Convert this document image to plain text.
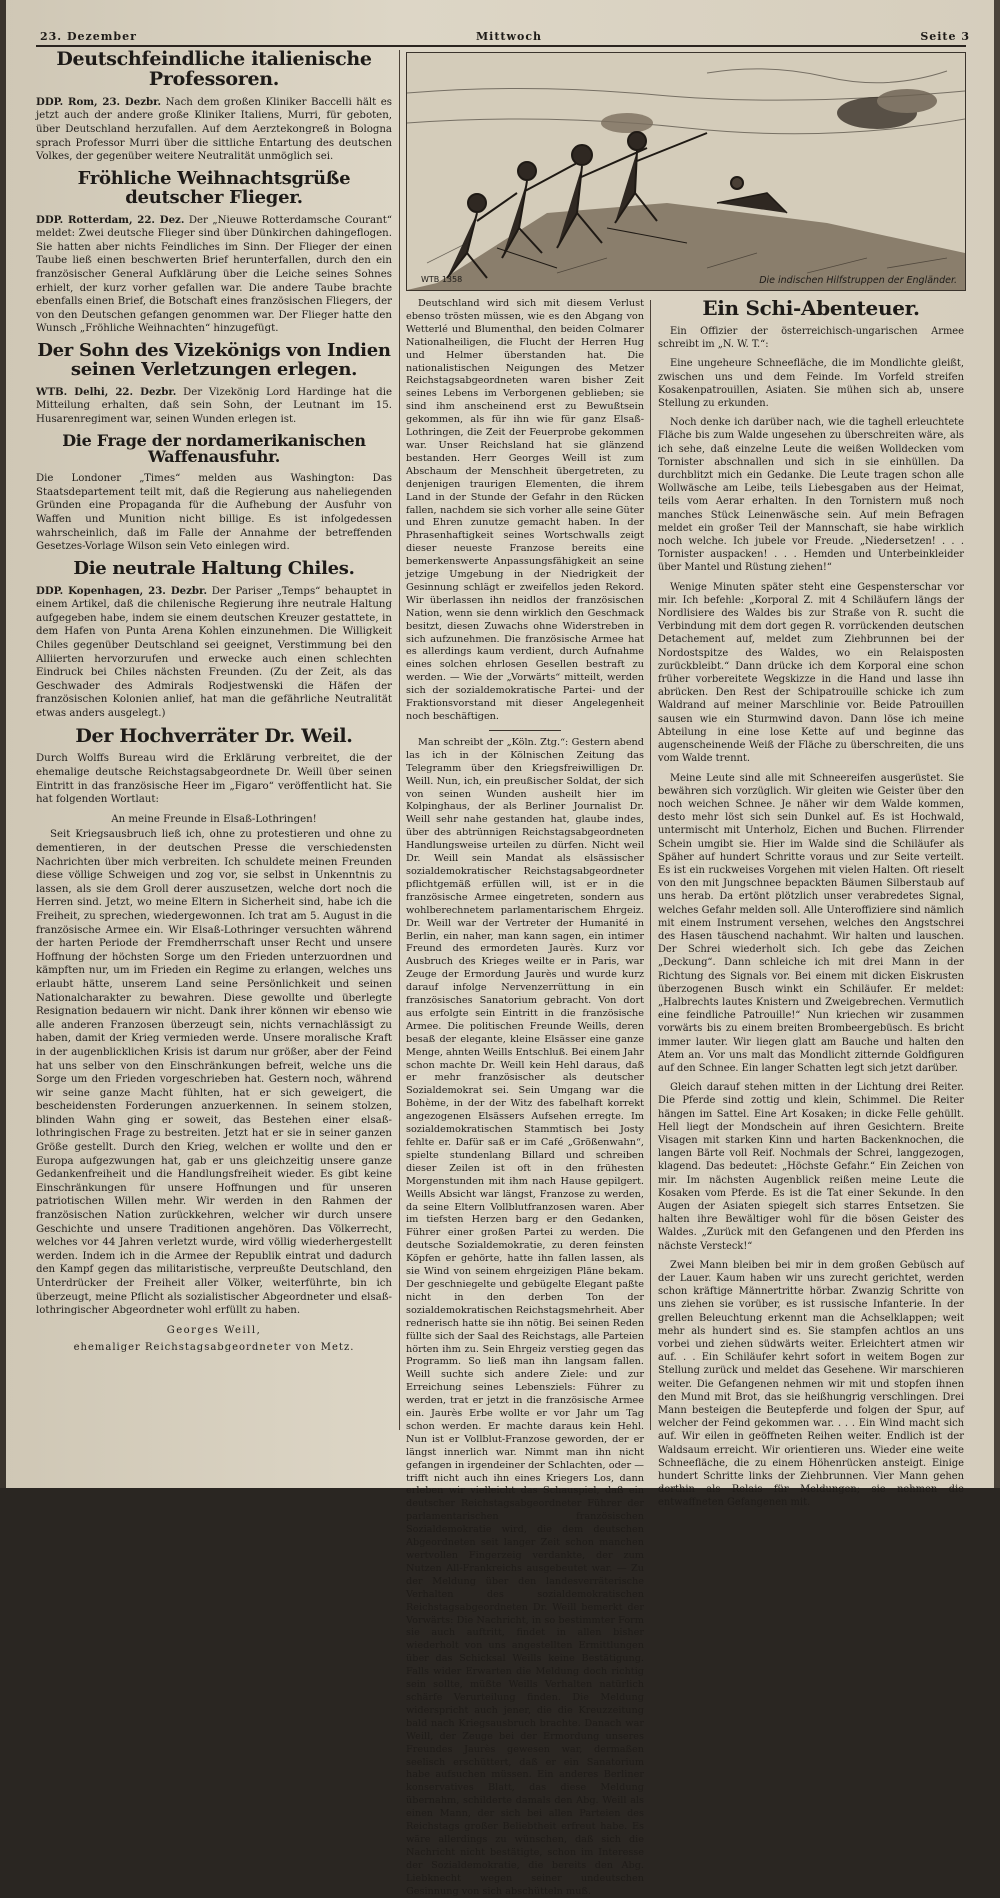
23. Dezember	Mittwoch	Seite 3
WTB 1358	Die indischen Hilfstruppen der Engländer.
Deutschfeindliche italienische Professoren.

DDP. Rom, 23. Dezbr. Nach dem großen Kliniker Baccelli hält es jetzt auch der andere große Kliniker Italiens, Murri, für geboten, über Deutschland herzufallen. Auf dem Aerztekongreß in Bologna sprach Professor Murri über die sittliche Entartung des deutschen Volkes, der gegenüber weitere Neutralität unmöglich sei.

Fröhliche Weihnachtsgrüße deutscher Flieger.

DDP. Rotterdam, 22. Dez. Der „Nieuwe Rotterdamsche Courant“ meldet: Zwei deutsche Flieger sind über Dünkirchen dahingeflogen. Sie hatten aber nichts Feindliches im Sinn. Der Flieger der einen Taube ließ einen beschwerten Brief herunterfallen, durch den ein französischer General Aufklärung über die Leiche seines Sohnes erhielt, der kurz vorher gefallen war. Die andere Taube brachte ebenfalls einen Brief, die Botschaft eines französischen Fliegers, der von den Deutschen gefangen genommen war. Der Flieger hatte den Wunsch „Fröhliche Weihnachten“ hinzugefügt.

Der Sohn des Vizekönigs von Indien seinen Verletzungen erlegen.

WTB. Delhi, 22. Dezbr. Der Vizekönig Lord Hardinge hat die Mitteilung erhalten, daß sein Sohn, der Leutnant im 15. Husarenregiment war, seinen Wunden erlegen ist.

Die Frage der nordamerikanischen Waffenausfuhr.

Die Londoner „Times“ melden aus Washington: Das Staatsdepartement teilt mit, daß die Regierung aus naheliegenden Gründen eine Propaganda für die Aufhebung der Ausfuhr von Waffen und Munition nicht billige. Es ist infolgedessen wahrscheinlich, daß im Falle der Annahme der betreffenden Gesetzes-Vorlage Wilson sein Veto einlegen wird.

Die neutrale Haltung Chiles.

DDP. Kopenhagen, 23. Dezbr. Der Pariser „Temps“ behauptet in einem Artikel, daß die chilenische Regierung ihre neutrale Haltung aufgegeben habe, indem sie einem deutschen Kreuzer gestattete, in dem Hafen von Punta Arena Kohlen einzunehmen. Die Willigkeit Chiles gegenüber Deutschland sei geeignet, Verstimmung bei den Alliierten hervorzurufen und erwecke auch einen schlechten Eindruck bei Chiles nächsten Freunden. (Zu der Zeit, als das Geschwader des Admirals Rodjestwenski die Häfen der französischen Kolonien anlief, hat man die gefährliche Neutralität etwas anders ausgelegt.)

Der Hochverräter Dr. Weil.

Durch Wolffs Bureau wird die Erklärung verbreitet, die der ehemalige deutsche Reichstagsabgeordnete Dr. Weill über seinen Eintritt in das französische Heer im „Figaro“ veröffentlicht hat. Sie hat folgenden Wortlaut:

An meine Freunde in Elsaß-Lothringen!

Seit Kriegsausbruch ließ ich, ohne zu protestieren und ohne zu dementieren, in der deutschen Presse die verschiedensten Nachrichten über mich verbreiten. Ich schuldete meinen Freunden diese völlige Schweigen und zog vor, sie selbst in Unkenntnis zu lassen, als sie dem Groll derer auszusetzen, welche dort noch die Herren sind. Jetzt, wo meine Eltern in Sicherheit sind, habe ich die Freiheit, zu sprechen, wiedergewonnen. Ich trat am 5. August in die französische Armee ein. Wir Elsaß-Lothringer versuchten während der harten Periode der Fremdherrschaft unser Recht und unsere Hoffnung der höchsten Sorge um den Frieden unterzuordnen und kämpften nur, um im Frieden ein Regime zu erlangen, welches uns erlaubt hätte, unserem Land seine Persönlichkeit und seinen Nationalcharakter zu bewahren. Diese gewollte und überlegte Resignation bedauern wir nicht. Dank ihrer können wir ebenso wie alle anderen Franzosen überzeugt sein, nichts vernachlässigt zu haben, damit der Krieg vermieden werde. Unsere moralische Kraft in der augenblicklichen Krisis ist darum nur größer, aber der Feind hat uns selber von den Einschränkungen befreit, welche uns die Sorge um den Frieden vorgeschrieben hat. Gestern noch, während wir seine ganze Macht fühlten, hat er sich geweigert, die bescheidensten Forderungen anzuerkennen. In seinem stolzen, blinden Wahn ging er soweit, das Bestehen einer elsaß-lothringischen Frage zu bestreiten. Jetzt hat er sie in seiner ganzen Größe gestellt. Durch den Krieg, welchen er wollte und den er Europa aufgezwungen hat, gab er uns gleichzeitig unsere ganze Gedankenfreiheit und die Handlungsfreiheit wieder. Es gibt keine Einschränkungen für unsere Hoffnungen und für unseren patriotischen Willen mehr. Wir werden in den Rahmen der französischen Nation zurückkehren, welcher wir durch unsere Geschichte und unsere Traditionen angehören. Das Völkerrecht, welches vor 44 Jahren verletzt wurde, wird völlig wiederhergestellt werden. Indem ich in die Armee der Republik eintrat und dadurch den Kampf gegen das militaristische, verpreußte Deutschland, den Unterdrücker der Freiheit aller Völker, weiterführte, bin ich überzeugt, meine Pflicht als sozialistischer Abgeordneter und elsaß-lothringischer Abgeordneter wohl erfüllt zu haben.

Georges Weill,

ehemaliger Reichstagsabgeordneter von Metz.

Deutschland wird sich mit diesem Verlust ebenso trösten müssen, wie es den Abgang von Wetterlé und Blumenthal, den beiden Colmarer Nationalheiligen, die Flucht der Herren Hug und Helmer überstanden hat. Die nationalistischen Neigungen des Metzer Reichstagsabgeordneten waren bisher Zeit seines Lebens im Verborgenen geblieben; sie sind ihm anscheinend erst zu Bewußtsein gekommen, als für ihn wie für ganz Elsaß-Lothringen, die Zeit der Feuerprobe gekommen war. Unser Reichsland hat sie glänzend bestanden. Herr Georges Weill ist zum Abschaum der Menschheit übergetreten, zu denjenigen traurigen Elementen, die ihrem Land in der Stunde der Gefahr in den Rücken fallen, nachdem sie sich vorher alle seine Güter und Ehren zunutze gemacht haben. In der Phrasenhaftigkeit seines Wortschwalls zeigt dieser neueste Franzose bereits eine bemerkenswerte Anpassungsfähigkeit an seine jetzige Umgebung in der Niedrigkeit der Gesinnung schlägt er zweifellos jeden Rekord. Wir überlassen ihn neidlos der französischen Nation, wenn sie denn wirklich den Geschmack besitzt, diesen Zuwachs ohne Widerstreben in sich aufzunehmen. Die französische Armee hat es allerdings kaum verdient, durch Aufnahme eines solchen ehrlosen Gesellen bestraft zu werden. — Wie der „Vorwärts“ mitteilt, werden sich der sozialdemokratische Partei- und der Fraktionsvorstand mit dieser Angelegenheit noch beschäftigen.

Man schreibt der „Köln. Ztg.“: Gestern abend las ich in der Kölnischen Zeitung das Telegramm über den Kriegsfreiwilligen Dr. Weill. Nun, ich, ein preußischer Soldat, der sich von seinen Wunden ausheilt hier im Kolpinghaus, der als Berliner Journalist Dr. Weill sehr nahe gestanden hat, glaube indes, über des abtrünnigen Reichstagsabgeordneten Handlungsweise urteilen zu dürfen. Nicht weil Dr. Weill sein Mandat als elsässischer sozialdemokratischer Reichstagsabgeordneter pflichtgemäß erfüllen will, ist er in die französische Armee eingetreten, sondern aus wohlberechnetem parlamentarischem Ehrgeiz. Dr. Weill war der Vertreter der Humanité in Berlin, ein naher, man kann sagen, ein intimer Freund des ermordeten Jaurès. Kurz vor Ausbruch des Krieges weilte er in Paris, war Zeuge der Ermordung Jaurès und wurde kurz darauf infolge Nervenzerrüttung in ein französisches Sanatorium gebracht. Von dort aus erfolgte sein Eintritt in die französische Armee. Die politischen Freunde Weills, deren besaß der elegante, kleine Elsässer eine ganze Menge, ahnten Weills Entschluß. Bei einem Jahr schon machte Dr. Weill kein Hehl daraus, daß er mehr französischer als deutscher Sozialdemokrat sei. Sein Umgang war die Bohème, in der der Witz des fabelhaft korrekt angezogenen Elsässers Aufsehen erregte. Im sozialdemokratischen Stammtisch bei Josty fehlte er. Dafür saß er im Café „Größenwahn“, spielte stundenlang Billard und schreiben dieser Zeilen ist oft in den frühesten Morgenstunden mit ihm nach Hause gepilgert. Weills Absicht war längst, Franzose zu werden, da seine Eltern Vollblutfranzosen waren. Aber im tiefsten Herzen barg er den Gedanken, Führer einer großen Partei zu werden. Die deutsche Sozialdemokratie, zu deren feinsten Köpfen er gehörte, hatte ihn fallen lassen, als sie Wind von seinem ehrgeizigen Pläne bekam. Der geschniegelte und gebügelte Elegant paßte nicht in den derben Ton der sozialdemokratischen Reichstagsmehrheit. Aber rednerisch hatte sie ihn nötig. Bei seinen Reden füllte sich der Saal des Reichstags, alle Parteien hörten ihm zu. Sein Ehrgeiz verstieg gegen das Programm. So ließ man ihn langsam fallen. Weill suchte sich andere Ziele: und zur Erreichung seines Lebensziels: Führer zu werden, trat er jetzt in die französische Armee ein. Jaurès Erbe wollte er vor Jahr um Tag schon werden. Er machte daraus kein Hehl. Nun ist er Vollblut-Franzose geworden, der er längst innerlich war. Nimmt man ihn nicht gefangen in irgendeiner der Schlachten, oder — trifft nicht auch ihn eines Kriegers Los, dann erleben wir vielleicht das Schauspiel, daß ein deutscher Reichstagsabgeordneter Führer der parlamentarischen französischen Sozialdemokratie wird, die dem deutschen Abgeordneten seit langer Zeit schon manchen wertvollen Fingerzeig verdankte, der zum Nutzen All-Frankreichs ausgebeutet war. — Zu der Meldung über den landesverräterische Verhalten des sozialdemokratischen Reichstagsabgeordneten Dr. Weill bemerkt der Vorwärts: Die Nachricht, in so bestimmter Form sie auch auftritt, findet in allen bisher wiederholt von uns angestellten Ermittlungen über das Schicksal Weills keine Bestätigung. Falls wider Erwarten die Meldung doch richtig sein sollte, müßte Weills Verhalten natürlich schärfe Verurteilung finden. Die Meldung widerspricht auch jener, die die Kreuzzeitung bald nach Kriegsausbruch brachte. Danach war Weill, der Zeuge bei der Ermordung unseres Freundes Jaurès gewesen war, dermaßen seelisch erschüttert, daß er ein Sanatorium habe aufsuchen müssen. Ein anderes Berliner konservatives Blatt, das diese Meldung übernahm, schilderte damals den Abg. Weill als einen Mann, der sich bei allen Parteien des Reichstags großer Beliebtheit erfreut habe. Es wäre allerdings zu wünschen, daß sich die Nachricht nicht bestätigte, schon im Interesse der Sozialdemokratie, die bereits den Abg. Liebknecht wegen seiner undeutschen Gesinnung von sich abschütteln muß.

Ein Schi-Abenteuer.

Ein Offizier der österreichisch-ungarischen Armee schreibt im „N. W. T.“:

Eine ungeheure Schneefläche, die im Mondlichte gleißt, zwischen uns und dem Feinde. Im Vorfeld streifen Kosakenpatrouillen, Asiaten. Sie mühen sich ab, unsere Stellung zu erkunden.

Noch denke ich darüber nach, wie die taghell erleuchtete Fläche bis zum Walde ungesehen zu überschreiten wäre, als ich sehe, daß einzelne Leute die weißen Wolldecken vom Tornister abschnallen und sich in sie einhüllen. Da durchblitzt mich ein Gedanke. Die Leute tragen schon alle Wollwäsche am Leibe, teils Liebesgaben aus der Heimat, teils vom Aerar erhalten. In den Tornistern muß noch manches Stück Leinenwäsche sein. Auf mein Befragen meldet ein großer Teil der Mannschaft, sie habe wirklich noch welche. Ich jubele vor Freude. „Niedersetzen! . . . Tornister auspacken! . . . Hemden und Unterbeinkleider über Mantel und Rüstung ziehen!“

Wenige Minuten später steht eine Gespensterschar vor mir. Ich befehle: „Korporal Z. mit 4 Schiläufern längs der Nordlisiere des Waldes bis zur Straße von R. sucht die Verbindung mit dem dort gegen R. vorrückenden deutschen Detachement auf, meldet zum Ziehbrunnen bei der Nordostspitze des Waldes, wo ein Relaisposten zurückbleibt.“ Dann drücke ich dem Korporal eine schon früher vorbereitete Wegskizze in die Hand und lasse ihn abrücken. Den Rest der Schipatrouille schicke ich zum Waldrand auf meiner Marschlinie vor. Beide Patrouillen sausen wie ein Sturmwind davon. Dann löse ich meine Abteilung in eine lose Kette auf und beginne das augenscheinende Weiß der Fläche zu überschreiten, die uns vom Walde trennt.

Meine Leute sind alle mit Schneereifen ausgerüstet. Sie bewähren sich vorzüglich. Wir gleiten wie Geister über den noch weichen Schnee. Je näher wir dem Walde kommen, desto mehr löst sich sein Dunkel auf. Es ist Hochwald, untermischt mit Unterholz, Eichen und Buchen. Flirrender Schein umgibt sie. Hier im Walde sind die Schiläufer als Späher auf hundert Schritte voraus und zur Seite verteilt. Es ist ein ruckweises Vorgehen mit vielen Halten. Oft rieselt von den mit Jungschnee bepackten Bäumen Silberstaub auf uns herab. Da ertönt plötzlich unser verabredetes Signal, welches Gefahr melden soll. Alle Unteroffiziere sind nämlich mit einem Instrument versehen, welches den Angstschrei des Hasen täuschend nachahmt. Wir halten und lauschen. Der Schrei wiederholt sich. Ich gebe das Zeichen „Deckung“. Dann schleiche ich mit drei Mann in der Richtung des Signals vor. Bei einem mit dicken Eiskrusten überzogenen Busch winkt ein Schiläufer. Er meldet: „Halbrechts lautes Knistern und Zweigebrechen. Vermutlich eine feindliche Patrouille!“ Nun kriechen wir zusammen vorwärts bis zu einem breiten Brombeergebüsch. Es bricht immer lauter. Wir liegen glatt am Bauche und halten den Atem an. Vor uns malt das Mondlicht zitternde Goldfiguren auf den Schnee. Ein langer Schatten legt sich jetzt darüber.

Gleich darauf stehen mitten in der Lichtung drei Reiter. Die Pferde sind zottig und klein, Schimmel. Die Reiter hängen im Sattel. Eine Art Kosaken; in dicke Felle gehüllt. Hell liegt der Mondschein auf ihren Gesichtern. Breite Visagen mit starken Kinn und harten Backenknochen, die langen Bärte voll Reif. Nochmals der Schrei, langgezogen, klagend. Das bedeutet: „Höchste Gefahr.“ Ein Zeichen von mir. Im nächsten Augenblick reißen meine Leute die Kosaken vom Pferde. Es ist die Tat einer Sekunde. In den Augen der Asiaten spiegelt sich starres Entsetzen. Sie halten ihre Bewältiger wohl für die bösen Geister des Waldes. „Zurück mit den Gefangenen und den Pferden ins nächste Versteck!“

Zwei Mann bleiben bei mir in dem großen Gebüsch auf der Lauer. Kaum haben wir uns zurecht gerichtet, werden schon kräftige Männertritte hörbar. Zwanzig Schritte von uns ziehen sie vorüber, es ist russische Infanterie. In der grellen Beleuchtung erkennt man die Achselklappen; weit mehr als hundert sind es. Sie stampfen achtlos an uns vorbei und ziehen südwärts weiter. Erleichtert atmen wir auf. . . Ein Schiläufer kehrt sofort in weitem Bogen zur Stellung zurück und meldet das Gesehene. Wir marschieren weiter. Die Gefangenen nehmen wir mit und stopfen ihnen den Mund mit Brot, das sie heißhungrig verschlingen. Drei Mann besteigen die Beutepferde und folgen der Spur, auf welcher der Feind gekommen war. . . . Ein Wind macht sich auf. Wir eilen in geöffneten Reihen weiter. Endlich ist der Waldsaum erreicht. Wir orientieren uns. Wieder eine weite Schneefläche, die zu einem Höhenrücken ansteigt. Einige hundert Schritte links der Ziehbrunnen. Vier Mann gehen dorthin als Relais für Meldungen; sie nehmen die entwaffneten Gefangenen mit.
